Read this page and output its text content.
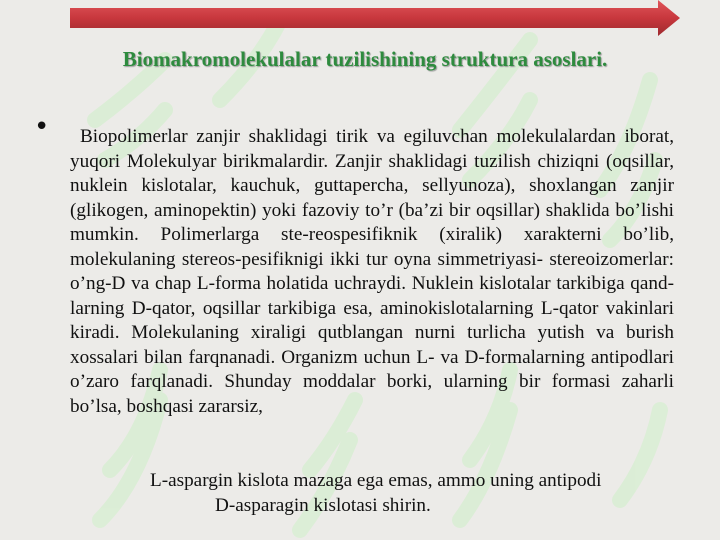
Biomakromolekulalar tuzilishining struktura asoslari.
•	Biopolimerlar zanjir shaklidagi tirik va egiluvchan molekulalardan iborat, yuqori Molekulyar birikmalardir. Zanjir shaklidagi tuzilish chiziqni (oqsillar, nuklein kislotalar, kauchuk, guttapercha, sellyunoza), shoxlangan zanjir (glikogen, aminopektin) yoki fazoviy to’r (ba’zi bir oqsillar) shaklida bo’lishi mumkin. Polimerlarga ste-reospesifiknik (xiralik) xarakterni bo’lib, molekulaning stereos-pesifiknigi ikki tur oyna simmetriyasi- stereoizomerlar: o’ng-D va chap L-forma holatida uchraydi. Nuklein kislotalar tarkibiga qand-larning D-qator, oqsillar tarkibiga esa, aminokislotalarning L-qator vakinlari kiradi. Molekulaning xiraligi qutblangan nurni turlicha yutish va burish xossalari bilan farqnanadi. Organizm uchun L- va D-formalarning antipodlari o’zaro farqlanadi. Shunday moddalar borki, ularning bir formasi zaharli bo’lsa, boshqasi zararsiz,
L-aspargin kislota mazaga ega emas, ammo uning antipodi
D-asparagin kislotasi shirin.
